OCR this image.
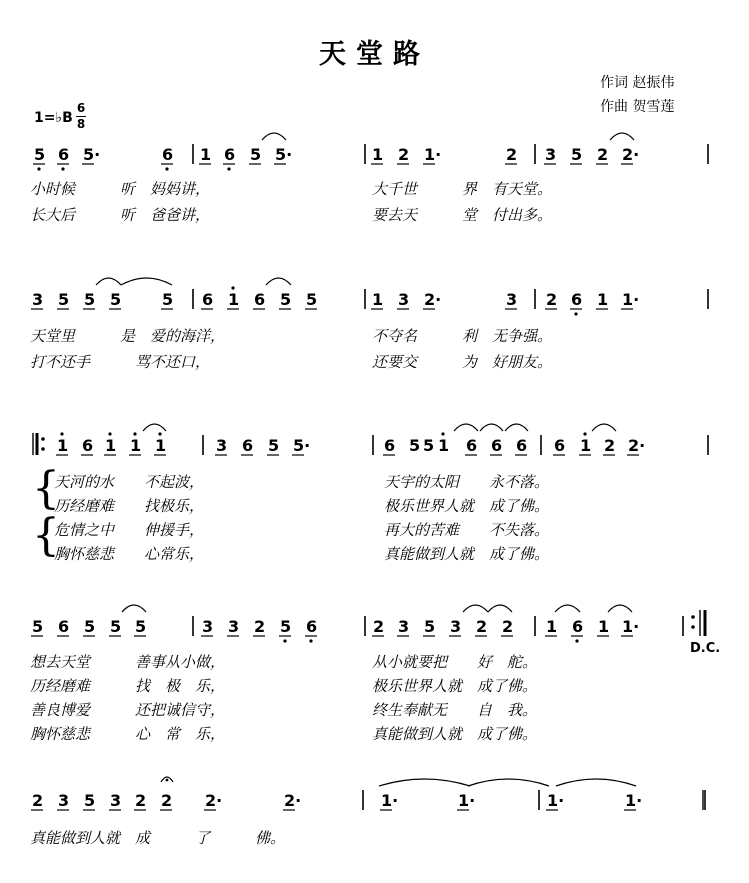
天堂路
作词 赵振伟
作曲 贺雪莲
1=♭B
6
8
5 6 5·	6 1 6 5 5·	1 2 1·	2 3 5 2 2·
3 5 5 5	5 6 1 6 5 5	1 3 2·	3 2 6 1 1·
1 6 1 1 1	3 6 5 5·	6 5 5 1 6 6 6 6 1 2 2·
5 6 5 5 5	3 3 2 5 6	2 3 5 3 2 2 1 6 1 1·
2 3 5 3 2 2 2·	2·	1·	1·	1·	1·
小时候　　　听　妈妈讲，
长大后　　　听　爸爸讲，
大千世　　　界　有天堂。
要去天　　　堂　付出多。
天堂里　　　是　爱的海洋，
打不还手　　　骂不还口，
不夺名　　　利　无争强。
还要交　　　为　好朋友。
{
{
天河的水　　不起波，
历经磨难　　找极乐，
危情之中　　伸援手，
胸怀慈悲　　心常乐，
天宇的太阳　　永不落。
极乐世界人就　成了佛。
再大的苦难　　不失落。
真能做到人就　成了佛。
想去天堂　　　善事从小做，
历经磨难　　　找　极　乐，
善良博爱　　　还把诚信守，
胸怀慈悲　　　心　常　乐，
从小就要把　　好　舵。
极乐世界人就　成了佛。
终生奉献无　　自　我。
真能做到人就　成了佛。
D.C.
真能做到人就　成　　　了　　　佛。
